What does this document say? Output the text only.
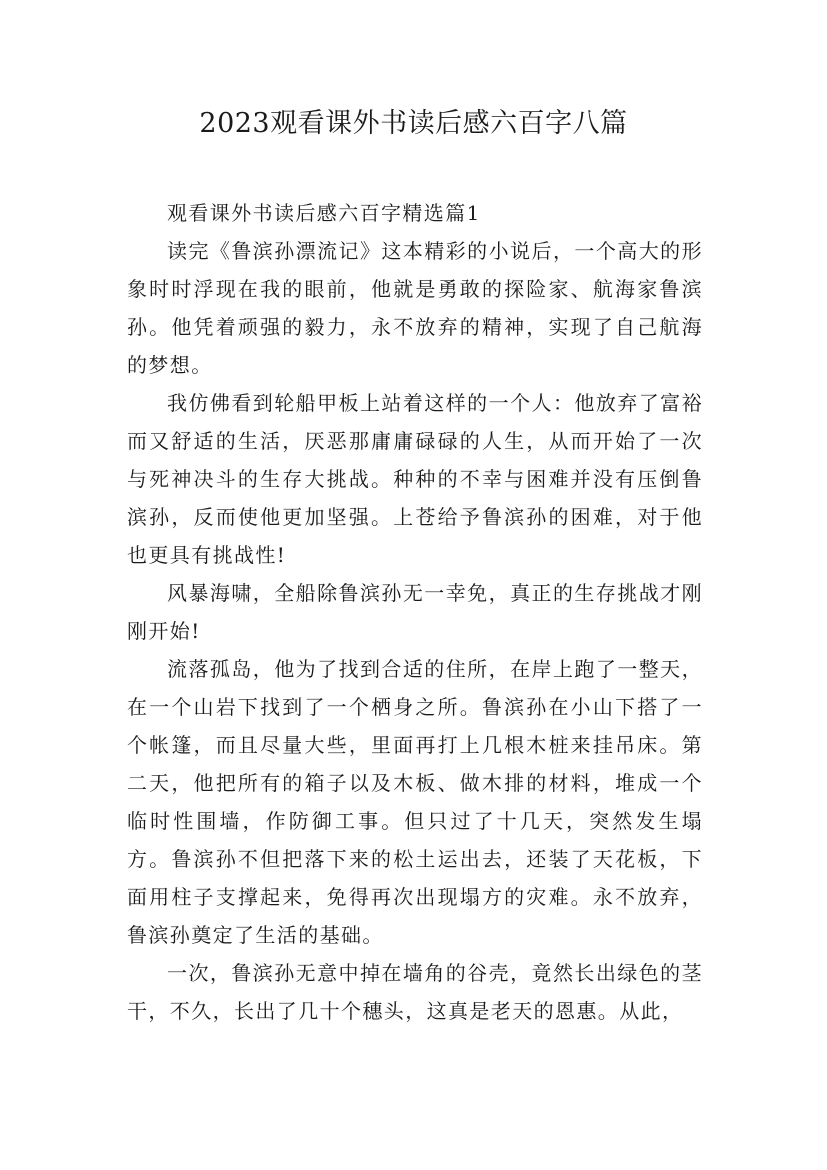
2023观看课外书读后感六百字八篇

观看课外书读后感六百字精选篇1

读完《鲁滨孙漂流记》这本精彩的小说后，一个高大的形象时时浮现在我的眼前，他就是勇敢的探险家、航海家鲁滨孙。他凭着顽强的毅力，永不放弃的精神，实现了自己航海的梦想。

我仿佛看到轮船甲板上站着这样的一个人：他放弃了富裕而又舒适的生活，厌恶那庸庸碌碌的人生，从而开始了一次与死神决斗的生存大挑战。种种的不幸与困难并没有压倒鲁滨孙，反而使他更加坚强。上苍给予鲁滨孙的困难，对于他也更具有挑战性!

风暴海啸，全船除鲁滨孙无一幸免，真正的生存挑战才刚刚开始!

流落孤岛，他为了找到合适的住所，在岸上跑了一整天，在一个山岩下找到了一个栖身之所。鲁滨孙在小山下搭了一个帐篷，而且尽量大些，里面再打上几根木桩来挂吊床。第二天，他把所有的箱子以及木板、做木排的材料，堆成一个临时性围墙，作防御工事。但只过了十几天，突然发生塌方。鲁滨孙不但把落下来的松土运出去，还装了天花板，下面用柱子支撑起来，免得再次出现塌方的灾难。永不放弃，鲁滨孙奠定了生活的基础。

一次，鲁滨孙无意中掉在墙角的谷壳，竟然长出绿色的茎干，不久，长出了几十个穗头，这真是老天的恩惠。从此，
